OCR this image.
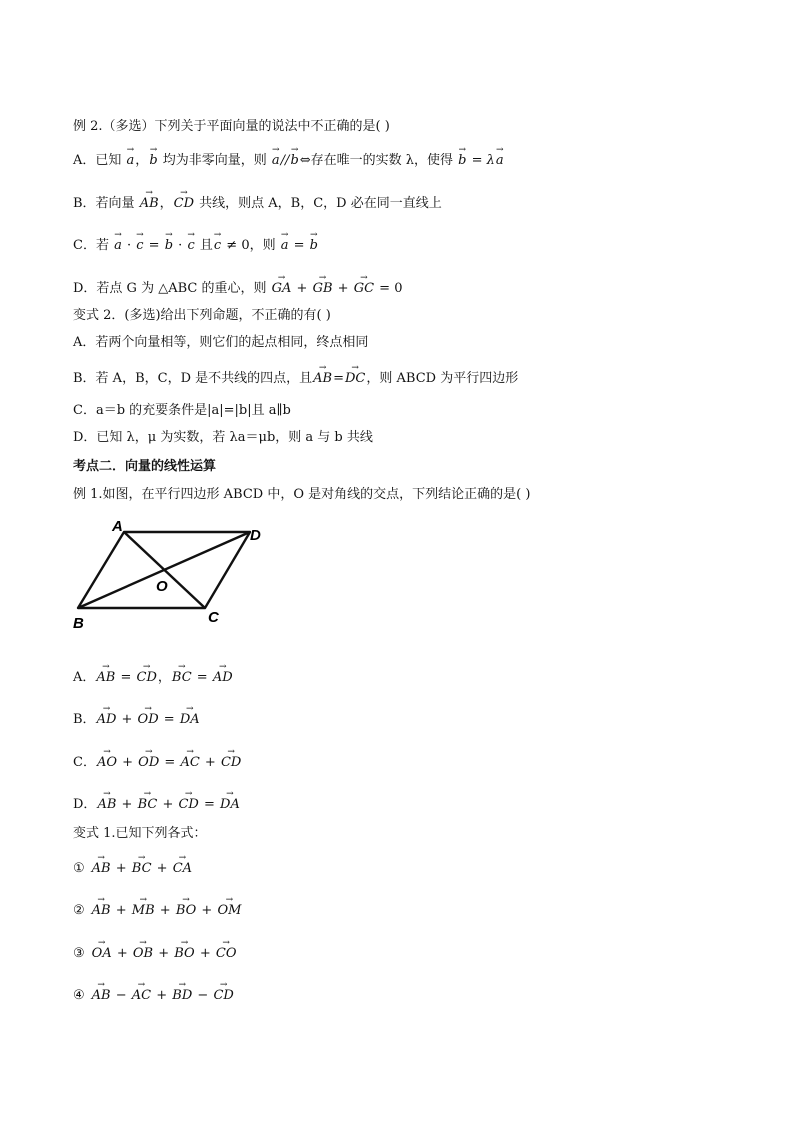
例 2.（多选）下列关于平面向量的说法中不正确的是( )
A．已知 → a，→ b 均为非零向量，则 → a//→ b⇔存在唯一的实数 λ，使得 → b = λ→ a
B．若向量 → AB，→ CD 共线，则点 A，B，C，D 必在同一直线上
C．若 → a · → c = → b · → c 且→ c ≠ 0，则 → a = → b
D．若点 G 为 △ABC 的重心，则 → GA + → GB + → GC = 0
变式 2．(多选)给出下列命题，不正确的有( )
A．若两个向量相等，则它们的起点相同，终点相同
B．若 A，B，C，D 是不共线的四点，且→ AB=→ DC，则 ABCD 为平行四边形
C．a＝b 的充要条件是|a|=|b|且 a∥b
D．已知 λ，μ 为实数，若 λa＝μb，则 a 与 b 共线
考点二．向量的线性运算
例 1.如图，在平行四边形 ABCD 中，O 是对角线的交点，下列结论正确的是( )
A
D
O
B	C
A．→ AB = → CD，→ BC = → AD
B．→ AD + → OD = → DA
C．→ AO + → OD = → AC + → CD
D．→ AB + → BC + → CD = → DA
变式 1.已知下列各式：
① → AB + → BC + → CA
② → AB + → MB + → BO + → OM
③ → OA + → OB + → BO + → CO
④ → AB − → AC + → BD − → CD
